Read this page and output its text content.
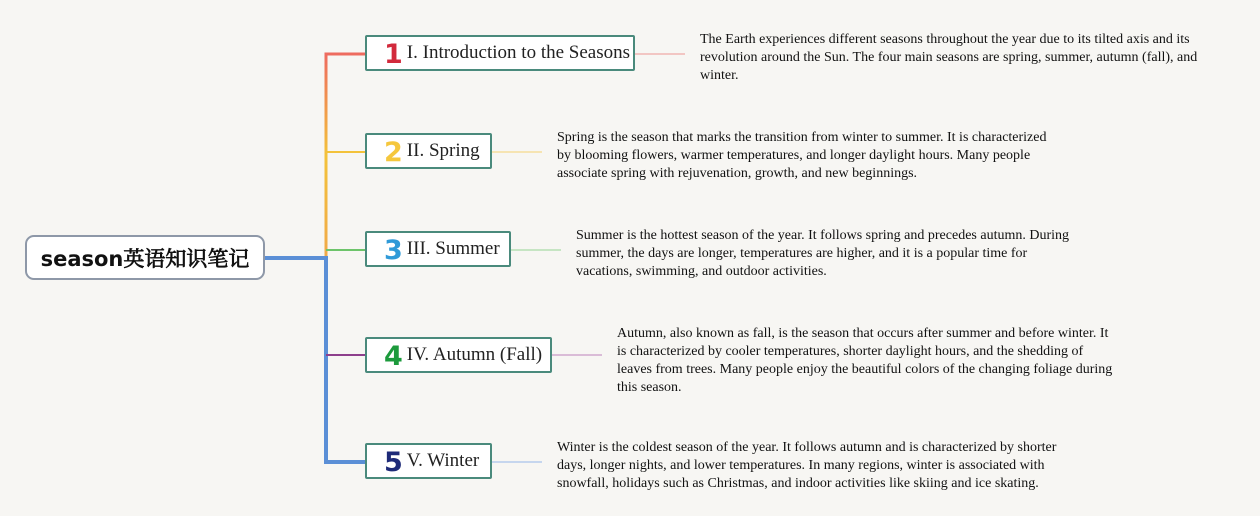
season英语知识笔记
1 I. Introduction to the Seasons
The Earth experiences different seasons throughout the year due to its tilted axis and its revolution around the Sun. The four main seasons are spring, summer, autumn (fall), and winter.
2 II. Spring
Spring is the season that marks the transition from winter to summer. It is characterized by blooming flowers, warmer temperatures, and longer daylight hours. Many people associate spring with rejuvenation, growth, and new beginnings.
3 III. Summer
Summer is the hottest season of the year. It follows spring and precedes autumn. During summer, the days are longer, temperatures are higher, and it is a popular time for vacations, swimming, and outdoor activities.
4 IV. Autumn (Fall)
Autumn, also known as fall, is the season that occurs after summer and before winter. It is characterized by cooler temperatures, shorter daylight hours, and the shedding of leaves from trees. Many people enjoy the beautiful colors of the changing foliage during this season.
5 V. Winter
Winter is the coldest season of the year. It follows autumn and is characterized by shorter days, longer nights, and lower temperatures. In many regions, winter is associated with snowfall, holidays such as Christmas, and indoor activities like skiing and ice skating.
